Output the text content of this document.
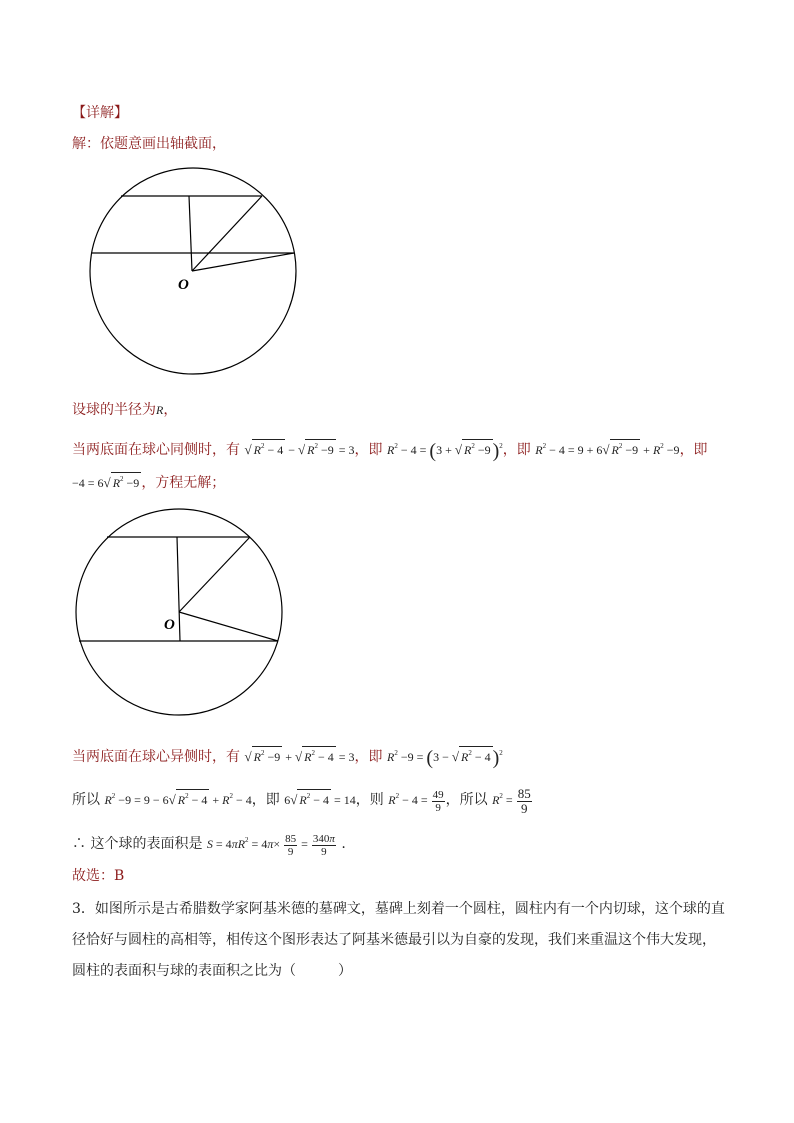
【详解】
解：依题意画出轴截面，
O
设球的半径为R，
当两底面在球心同侧时，有 √ $R^2 - 4$ − √ $R^2 -9 = 3$，即 $R^2 - 4 = (3$ + √ $R^2 -9$ )$^2$，即 $R^2 - 4 = 9 + 6√$ $R^2 -9 + R^2 -9$，即
−4 = 6√ $R^2 -9$ ，方程无解；
O
当两底面在球心异侧时，有 √ $R^2 -9$ + √ $R^2 - 4 = 3$，即 $R^2 -9 = (3$ − √ $R^2 - 4$ )$^2$
所以 $R^2 -9 = 9 - 6√$ $R^2 - 4 + R^2 - 4$，即 6√ $R^2 - 4 = 14$，则 $R^2 - 4 = \frac{49}{9}$ ，所以 $R^2 = \frac{85}{9}$
∴ 这个球的表面积是 $S = 4\pi R^2 = 4\pi\times \frac{85}{9} = \frac{340\pi}{9}$ .
故选：B
3．如图所示是古希腊数学家阿基米德的墓碑文，墓碑上刻着一个圆柱，圆柱内有一个内切球，这个球的直
径恰好与圆柱的高相等，相传这个图形表达了阿基米德最引以为自豪的发现，我们来重温这个伟大发现，
圆柱的表面积与球的表面积之比为（　　　）
